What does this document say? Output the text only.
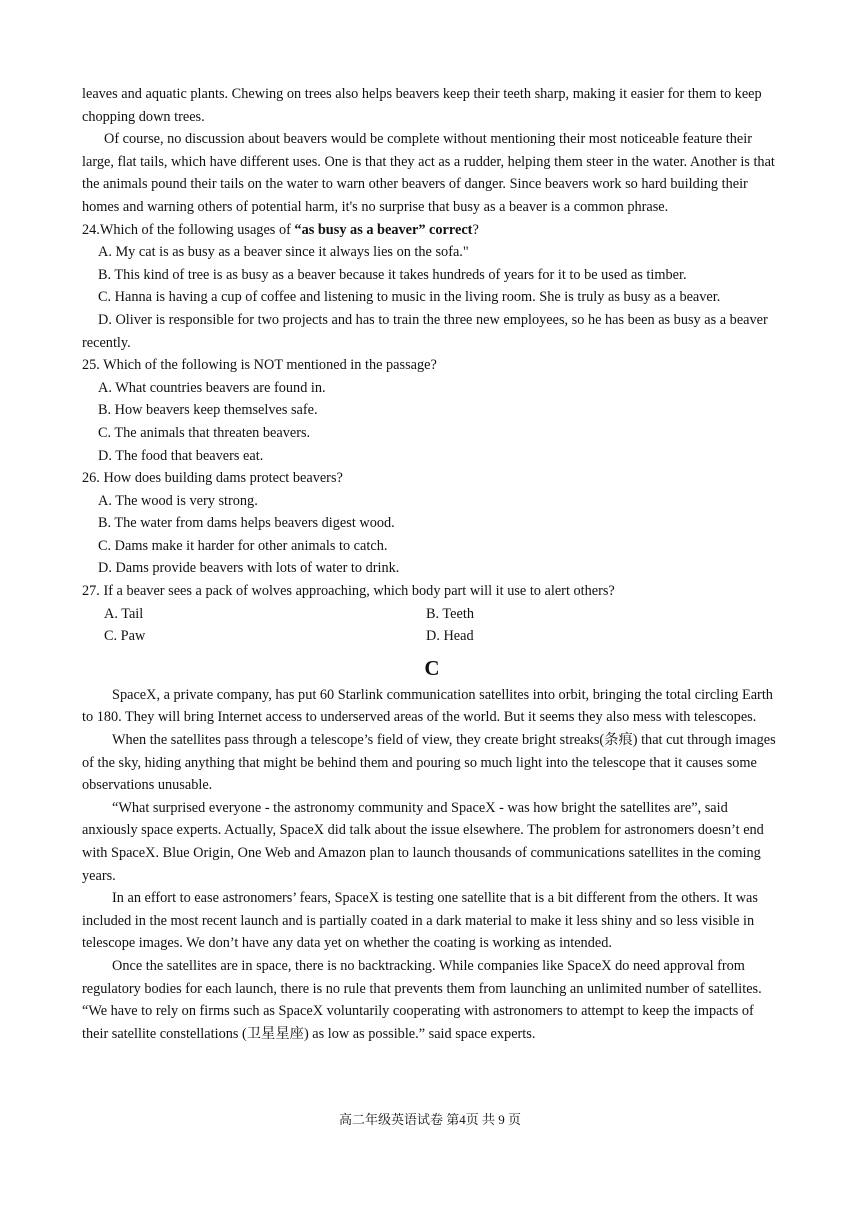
leaves and aquatic plants. Chewing on trees also helps beavers keep their teeth sharp, making it easier for them to keep chopping down trees.

Of course, no discussion about beavers would be complete without mentioning their most noticeable feature their large, flat tails, which have different uses. One is that they act as a rudder, helping them steer in the water. Another is that the animals pound their tails on the water to warn other beavers of danger. Since beavers work so hard building their homes and warning others of potential harm, it's no surprise that busy as a beaver is a common phrase.

24.Which of the following usages of “as busy as a beaver” correct?

A. My cat is as busy as a beaver since it always lies on the sofa."

B. This kind of tree is as busy as a beaver because it takes hundreds of years for it to be used as timber.

C. Hanna is having a cup of coffee and listening to music in the living room. She is truly as busy as a beaver.

D. Oliver is responsible for two projects and has to train the three new employees, so he has been as busy as a beaver recently.

25. Which of the following is NOT mentioned in the passage?

A. What countries beavers are found in.

B. How beavers keep themselves safe.

C. The animals that threaten beavers.

D. The food that beavers eat.

26. How does building dams protect beavers?

A. The wood is very strong.

B. The water from dams helps beavers digest wood.

C. Dams make it harder for other animals to catch.

D. Dams provide beavers with lots of water to drink.

27. If a beaver sees a pack of wolves approaching, which body part will it use to alert others?

A. Tail	B. Teeth
C. Paw	D. Head
C

SpaceX, a private company, has put 60 Starlink communication satellites into orbit, bringing the total circling Earth to 180. They will bring Internet access to underserved areas of the world. But it seems they also mess with telescopes.

When the satellites pass through a telescope’s field of view, they create bright streaks(条痕) that cut through images of the sky, hiding anything that might be behind them and pouring so much light into the telescope that it causes some observations unusable.

“What surprised everyone - the astronomy community and SpaceX - was how bright the satellites are”, said anxiously space experts. Actually, SpaceX did talk about the issue elsewhere. The problem for astronomers doesn’t end with SpaceX. Blue Origin, One Web and Amazon plan to launch thousands of communications satellites in the coming years.

In an effort to ease astronomers’ fears, SpaceX is testing one satellite that is a bit different from the others. It was included in the most recent launch and is partially coated in a dark material to make it less shiny and so less visible in telescope images. We don’t have any data yet on whether the coating is working as intended.

Once the satellites are in space, there is no backtracking. While companies like SpaceX do need approval from regulatory bodies for each launch, there is no rule that prevents them from launching an unlimited number of satellites. “We have to rely on firms such as SpaceX voluntarily cooperating with astronomers to attempt to keep the impacts of their satellite constellations (卫星星座) as low as possible.” said space experts.

高二年级英语试卷 第4页 共 9 页
